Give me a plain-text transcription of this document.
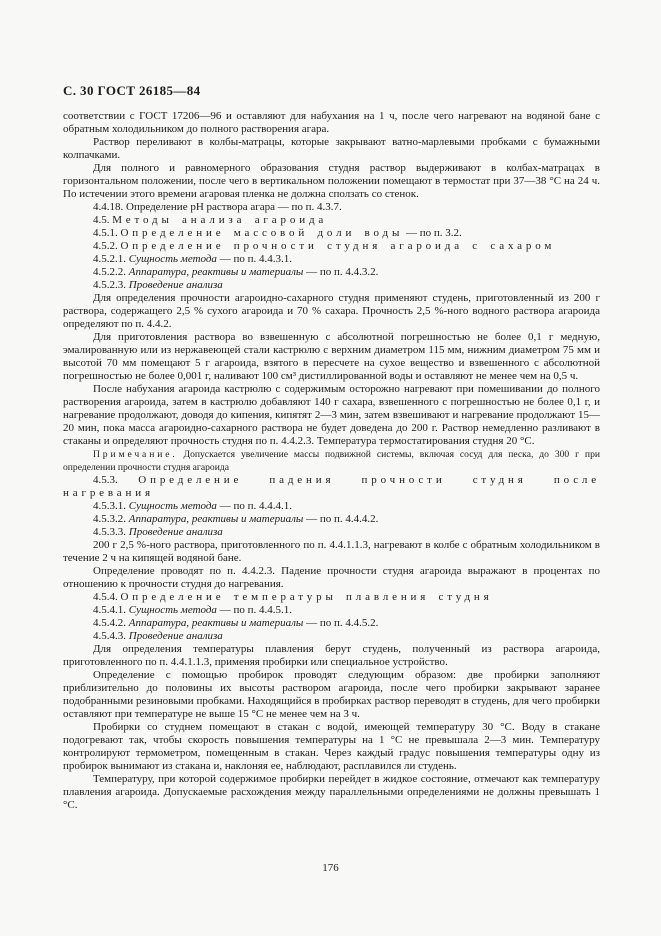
С. 30 ГОСТ 26185—84

соответствии с ГОСТ 17206—96 и оставляют для набухания на 1 ч, после чего нагревают на водяной бане с обратным холодильником до полного растворения агара.

Раствор переливают в колбы-матрацы, которые закрывают ватно-марлевыми пробками с бумажными колпачками.

Для полного и равномерного образования студня раствор выдерживают в колбах-матрацах в горизонтальном положении, после чего в вертикальном положении помещают в термостат при 37—38 °С на 24 ч. По истечении этого времени агаровая пленка не должна сползать со стенок.

4.4.18. Определение рН раствора агара — по п. 4.3.7.

4.5. Методы анализа агароида

4.5.1. Определение массовой доли воды — по п. 3.2.

4.5.2. Определение прочности студня агароида с сахаром

4.5.2.1. Сущность метода — по п. 4.4.3.1.

4.5.2.2. Аппаратура, реактивы и материалы — по п. 4.4.3.2.

4.5.2.3. Проведение анализа

Для определения прочности агароидно-сахарного студня применяют студень, приготовленный из 200 г раствора, содержащего 2,5 % сухого агароида и 70 % сахара. Прочность 2,5 %-ного водного раствора агароида определяют по п. 4.4.2.

Для приготовления раствора во взвешенную с абсолютной погрешностью не более 0,1 г медную, эмалированную или из нержавеющей стали кастрюлю с верхним диаметром 115 мм, нижним диаметром 75 мм и высотой 70 мм помещают 5 г агароида, взятого в пересчете на сухое вещество и взвешенного с абсолютной погрешностью не более 0,001 г, наливают 100 см³ дистиллированной воды и оставляют не менее чем на 0,5 ч.

После набухания агароида кастрюлю с содержимым осторожно нагревают при помешивании до полного растворения агароида, затем в кастрюлю добавляют 140 г сахара, взвешенного с погрешностью не более 0,1 г, и нагревание продолжают, доводя до кипения, кипятят 2—3 мин, затем взвешивают и нагревание продолжают 15—20 мин, пока масса агароидно-сахарного раствора не будет доведена до 200 г. Раствор немедленно разливают в стаканы и определяют прочность студня по п. 4.4.2.3. Температура термостатирования студня 20 °С.

Примечание. Допускается увеличение массы подвижной системы, включая сосуд для песка, до 300 г при определении прочности студня агароида

4.5.3. Определение падения прочности студня после нагревания

4.5.3.1. Сущность метода — по п. 4.4.4.1.

4.5.3.2. Аппаратура, реактивы и материалы — по п. 4.4.4.2.

4.5.3.3. Проведение анализа

200 г 2,5 %-ного раствора, приготовленного по п. 4.4.1.1.3, нагревают в колбе с обратным холодильником в течение 2 ч на кипящей водяной бане.

Определение проводят по п. 4.4.2.3. Падение прочности студня агароида выражают в процентах по отношению к прочности студня до нагревания.

4.5.4. Определение температуры плавления студня

4.5.4.1. Сущность метода — по п. 4.4.5.1.

4.5.4.2. Аппаратура, реактивы и материалы — по п. 4.4.5.2.

4.5.4.3. Проведение анализа

Для определения температуры плавления берут студень, полученный из раствора агароида, приготовленного по п. 4.4.1.1.3, применяя пробирки или специальное устройство.

Определение с помощью пробирок проводят следующим образом: две пробирки заполняют приблизительно до половины их высоты раствором агароида, после чего пробирки закрывают заранее подобранными резиновыми пробками. Находящийся в пробирках раствор переводят в студень, для чего пробирки оставляют при температуре не выше 15 °С не менее чем на 3 ч.

Пробирки со студнем помещают в стакан с водой, имеющей температуру 30 °С. Воду в стакане подогревают так, чтобы скорость повышения температуры на 1 °С не превышала 2—3 мин. Температуру контролируют термометром, помещенным в стакан. Через каждый градус повышения температуры одну из пробирок вынимают из стакана и, наклоняя ее, наблюдают, расплавился ли студень.

Температуру, при которой содержимое пробирки перейдет в жидкое состояние, отмечают как температуру плавления агароида. Допускаемые расхождения между параллельными определениями не должны превышать 1 °С.

176
